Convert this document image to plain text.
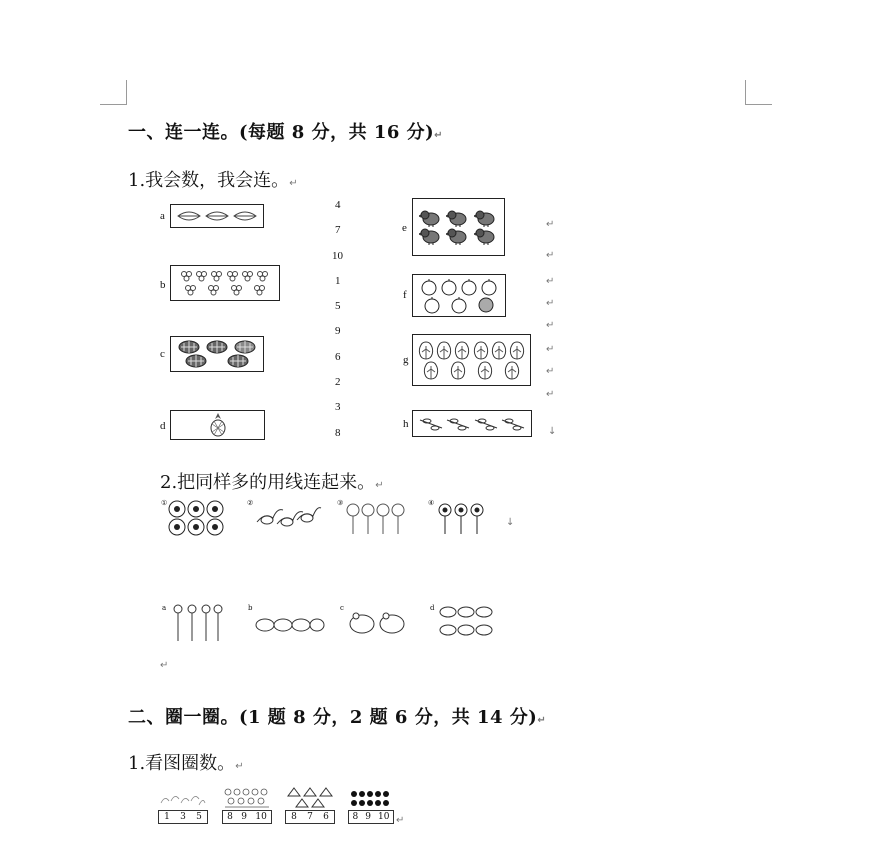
一、连一连。(每题 8 分，共 16 分)↵
1.我会数，我会连。↵
a
b
c
d
4
7
10
1
5
9
6
2
3
8
e
f
g
h
↵
↵
↵
↵
↵
↵
↵
↵
↓
2.把同样多的用线连起来。↵
①	②	③	④
↓
a	b	c	d
↵
二、圈一圈。(1 题 8 分，2 题 6 分，共 14 分)↵
1.看图圈数。↵
1 3 5	8 9 10	8 7 6	8 9 10 ↵
